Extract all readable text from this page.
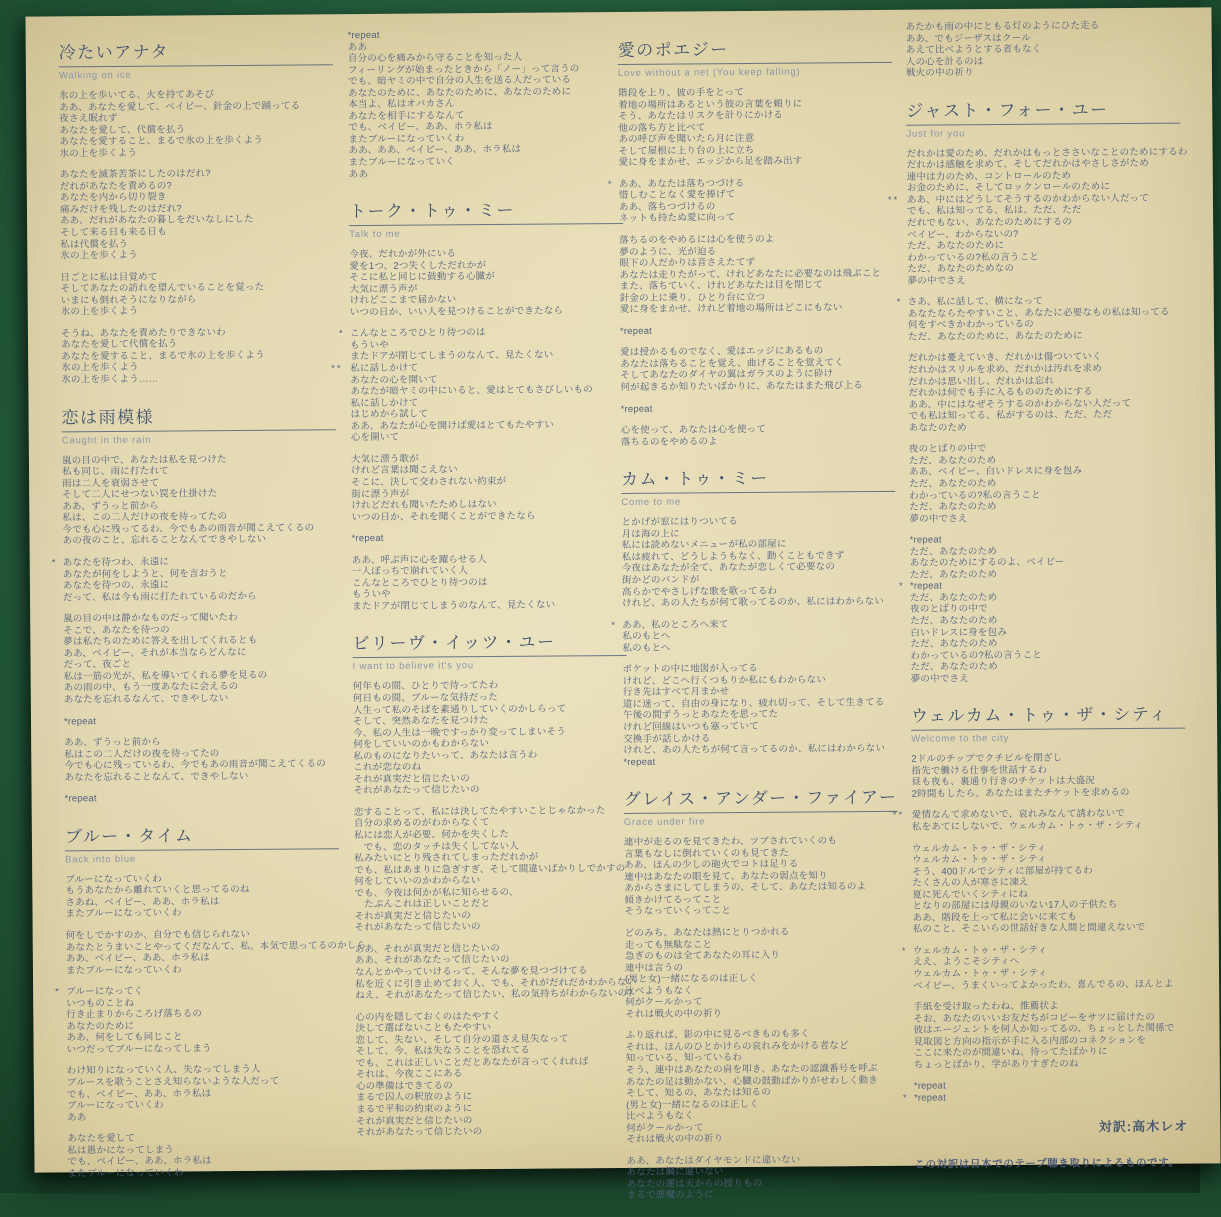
冷たいアナタ
Walking on ice
氷の上を歩いてる、火を持てあそび
ああ、あなたを愛して、ベイビー、針金の上で踊ってる
夜さえ眠れず
あなたを愛して、代償を払う
あなたを愛すること、まるで氷の上を歩くよう
氷の上を歩くよう
あなたを滅茶苦茶にしたのはだれ?
だれがあなたを責めるの?
あなたを内から切り裂き
痛みだけを残したのはだれ?
ああ、だれがあなたの暮しをだいなしにした
そして来る日も来る日も
私は代償を払う
氷の上を歩くよう
日ごとに私は目覚めて
そしてあなたの訪れを望んでいることを覚った
いまにも倒れそうになりながら
氷の上を歩くよう
そうね、あなたを責めたりできないわ
あなたを愛して代償を払う
あなたを愛すること、まるで氷の上を歩くよう
氷の上を歩くよう
氷の上を歩くよう……
恋は雨模様
Caught in the rain
嵐の目の中で、あなたは私を見つけた
私も同じ、雨に打たれて
雨は二人を衰弱させて
そして二人にせつない罠を仕掛けた
ああ、ずうっと前から
私は、この二人だけの夜を待ってたの
今でも心に残ってるわ、今でもあの雨音が聞こえてくるの
あの夜のこと、忘れることなんてできやしない
* あなたを待つわ、永遠に
あなたが何をしようと、何を言おうと
あなたを待つの、永遠に
だって、私は今も雨に打たれているのだから
嵐の目の中は静かなものだって聞いたわ
そこで、あなたを待つの
夢は私たちのために答えを出してくれるとも
ああ、ベイビー、それが本当ならどんなに
だって、夜ごと
私は一筋の光が、私を導いてくれる夢を見るの
あの雨の中、もう一度あなたに会えるの
あなたを忘れるなんて、できやしない
*repeat
ああ、ずうっと前から
私はこの二人だけの夜を待ってたの
今でも心に残っているわ、今でもあの雨音が聞こえてくるの
あなたを忘れることなんて、できやしない
*repeat
ブルー・タイム
Back into blue
ブルーになっていくわ
もうあなたから離れていくと思ってるのね
さあね、ベイビー、ああ、ホラ私は
またブルーになっていくわ
何をしでかすのか、自分でも信じられない
あなたとうまいことやってくだなんて、私、本気で思ってるのかしら
ああ、ベイビー、ああ、ホラ私は
またブルーになっていくわ
* ブルーになってく
いつものことね
行き止まりからころげ落ちるの
あなたのために
ああ、何をしても同じこと
いつだってブルーになってしまう
わけ知りになっていく人、失なってしまう人
ブルースを歌うことさえ知らないような人だって
でも、ベイビー、ああ、ホラ私は
ブルーになっていくわ
ああ
あなたを愛して
私は愚かになってしまう
でも、ベイビー、ああ、ホラ私は
またブルーになっていくわ
*repeat
ああ
自分の心を痛みから守ることを知った人
フィーリングが始まったときから「ノー」って言うの
でも、暗ヤミの中で自分の人生を送る人だっている
あなたのために、あなたのために、あなたのために
本当よ、私はオバカさん
あなたを相手にするなんて
でも、ベイビー、ああ、ホラ私は
またブルーになっていくわ
ああ、ああ、ベイビー、ああ、ホラ私は
またブルーになっていく
ああ
トーク・トゥ・ミー
Talk to me
今夜、だれかが外にいる
愛を1つ、2つ失くしただれかが
そこに私と同じに鼓動する心臓が
大気に漂う声が
けれどここまで届かない
いつの日か、いい人を見つけることができたなら
* こんなところでひとり待つのは
もういや
またドアが閉じてしまうのなんて、見たくない
** 私に話しかけて
あなたの心を開いて
あなたが暗ヤミの中にいると、愛はとてもさびしいもの
私に話しかけて
はじめから試して
ああ、あなたが心を開けば愛はとてもたやすい
心を開いて
大気に漂う歌が
けれど言葉は聞こえない
そこに、決して交わされない約束が
街に漂う声が
けれどだれも聞いたためしはない
いつの日か、それを聞くことができたなら
*repeat
ああ、呼ぶ声に心を躍らせる人
一人ぼっちで崩れていく人
こんなところでひとり待つのは
もういや
またドアが閉じてしまうのなんて、見たくない
ビリーヴ・イッツ・ユー
I want to believe it's you
何年もの間、ひとりで待ってたわ
何日もの間、ブルーな気持だった
人生って私のそばを素通りしていくのかしらって
そして、突然あなたを見つけた
今、私の人生は一晩ですっかり変ってしまいそう
何をしていいのかもわからない
私のものになりたいって、あなたは言うわ
これが恋なのね
それが真実だと信じたいの
それがあなたって信じたいの
恋することって、私には決してたやすいことじゃなかった
自分の求めるのがわからなくて
私には恋人が必要、何かを失くした
　でも、恋のタッチは失くしてない人
私みたいにとり残されてしまっただれかが
でも、私はあまりに急ぎすぎ、そして間違いばかりしでかすの
何をしていいのかわからない
でも、今夜は何かが私に知らせるの、
　たぶんこれは正しいことだと
それが真実だと信じたいの
それがあなたって信じたいの
ああ、それが真実だと信じたいの
ああ、それがあなたって信じたいの
なんとかやっていけるって、そんな夢を見つづけてる
私を近くに引き止めておく人、でも、それがだれだかわからない
ねえ、それがあなたって信じたい、私の気持ちがわからないの?
心の内を隠しておくのはたやすく
決して選ばないこともたやすい
恋して、失ない、そして自分の道さえ見失なって
そして、今、私は失なうことを恐れてる
でも、これは正しいことだとあなたが言ってくれれば
それは、今夜ここにある
心の準備はできてるの
まるで囚人の釈放のように
まるで平和の約束のように
それが真実だと信じたいの
それがあなたって信じたいの
愛のポエジー
Love without a net (You keep falling)
階段を上り、彼の手をとって
着地の場所はあるという彼の言葉を頼りに
そう、あなたはリスクを計りにかける
他の落ち方と比べて
あの呼び声を聞いたら月に注意
そして屋根に上り台の上に立ち
愛に身をまかせ、エッジから足を踏み出す
* ああ、あなたは落ちつづける
惜しむことなく愛を捧げて
ああ、落ちつづけるの
ネットも持たぬ愛に向って
落ちるのをやめるには心を使うのよ
夢のように、光が迫る
眼下の人だかりは音さえたてず
あなたは走りたがって、けれどあなたに必要なのは飛ぶこと
また、落ちていく、けれどあなたは目を閉じて
針金の上に乗り、ひとり台に立つ
愛に身をまかせ、けれど着地の場所はどこにもない
*repeat
愛は授かるものでなく、愛はエッジにあるもの
あなたは落ちることを覚え、曲げることを覚えてく
そしてあなたのダイヤの翼はガラスのように砕け
何が起きるか知りたいばかりに、あなたはまた飛び上る
*repeat
心を使って、あなたは心を使って
落ちるのをやめるのよ
カム・トゥ・ミー
Come to me
とかげが窓にはりついてる
月は海の上に
私には読めないメニューが私の部屋に
私は疲れて、どうしようもなく、動くこともできず
今夜はあなたが全て、あなたが恋しくて必要なの
街かどのバンドが
高らかでやさしげな歌を歌ってるわ
けれど、あの人たちが何て歌ってるのか、私にはわからない
* ああ、私のところへ来て
私のもとへ
私のもとへ
ポケットの中に地図が入ってる
けれど、どこへ行くつもりか私にもわからない
行き先はすべて月まかせ
道に迷って、自由の身になり、疲れ切って、そして生きてる
午後の間ずうっとあなたを思ってた
けれど回線はいつも塞っていて
交換手が話しかける
けれど、あの人たちが何て言ってるのか、私にはわからない
*repeat
グレイス・アンダー・ファイアー
Grace under fire
連中が走るのを見てきたわ、ツブされていくのも
言葉もなしに倒れていくのも見てきた
ああ、ほんの少しの砲火でコトは足りる
連中はあなたの眼を見て、あなたの弱点を知り
あからさまにしてしまうの、そして、あなたは知るのよ
傾きかけてるってこと
そうなっていくってこと
どのみち、あなたは熱にとりつかれる
走っても無駄なこと
急ぎのものは全てあなたの耳に入り
連中は言うの
(男と女)一緒になるのは正しく
比べようもなく
何がクールかって
それは戦火の中の祈り
ふり返れば、影の中に見るべきものも多く
それは、ほんのひとかけらの哀れみをかける者など
知っている、知っているわ
そう、連中はあなたの肩を叩き、あなたの認識番号を呼ぶ
あなたの足は動かない、心臓の鼓動ばかりがせわしく動き
そして、知るの、あなたは知るの
(男と女)一緒になるのは正しく
比べようもなく
何がクールかって
それは戦火の中の祈り
ああ、あなたはダイヤモンドに違いない
あなたは鋼に違いない
あなたの運は天からの授りもの
まるで悪魔のように
あたかも雨の中にともる灯のようにひた走る
ああ、でもジーザスはクール
あえて比べようとする者もなく
人の心を計るのは
戦火の中の祈り
ジャスト・フォー・ユー
Just for you
だれかは愛のため、だれかはもっとささいなことのためにするわ
だれかは感触を求めて、そしてだれかはやさしさがため
連中は力のため、コントロールのため
お金のために、そしてロックンロールのために
** ああ、中にはどうしてそうするのかわからない人だって
でも、私は知ってる、私は、ただ、ただ
だれでもない、あなたのためにするの
ベイビー、わからないの?
ただ、あなたのために
わかっているの?私の言うこと
ただ、あなたのためなの
夢の中でさえ
* さあ、私に話して、横になって
あなたならたやすいこと、あなたに必要なもの私は知ってる
何をすべきかわかっているの
ただ、あなたのために、あなたのために
だれかは憂えていき、だれかは傷ついていく
だれかはスリルを求め、だれかは汚れを求め
だれかは思い出し、だれかは忘れ
だれかは何でも手に入るもののためにする
ああ、中にはなぜそうするのかわからない人だって
でも私は知ってる、私がするのは、ただ、ただ
あなたのため
夜のとばりの中で
ただ、あなたのため
ああ、ベイビー、白いドレスに身を包み
ただ、あなたのため
わかっているの?私の言うこと
ただ、あなたのため
夢の中でさえ
*repeat
ただ、あなたのため
あなたのためにするのよ、ベイビー
ただ、あなたのため
* *repeat
ただ、あなたのため
夜のとばりの中で
ただ、あなたのため
白いドレスに身を包み
ただ、あなたのため
わかっているの?私の言うこと
ただ、あなたのため
夢の中でさえ
ウェルカム・トゥ・ザ・シティ
Welcome to the city
2ドルのチップでクチビルを閉ざし
指先で働ける仕事を世話するわ
昼も夜も、裏通り行きのチケットは大盛況
2時間もしたら、あなたはまたチケットを求めるの
** 愛情なんて求めないで、哀れみなんて誘わないで
私をあてにしないで、ウェルカム・トゥ・ザ・シティ
ウェルカム・トゥ・ザ・シティ
ウェルカム・トゥ・ザ・シティ
そう、400ドルでシティに部屋が持てるわ
たくさんの人が寒さに凍え
夏に死んでいくシティにね
となりの部屋には母親のいない17人の子供たち
ああ、階段を上って私に会いに来ても
私のこと、そこいらの世話好きな人間と間違えないで
* ウェルカム・トゥ・ザ・シティ
ええ、ようこそシティへ
ウェルカム・トゥ・ザ・シティ
ベイビー、うまくいってよかったわ、喜んでるの、ほんとよ
手紙を受け取ったわね、推薦状よ
そお、あなたのいいお友だちがコピーをサツに届けたの
彼はエージェントを何人か知ってるの、ちょっとした関係で
見取図と方向の指示が手に入る内部のコネクションを
ここに来たのが間違いね、待ってたばかりに
ちょっとばかり、学がありすぎたのね
*repeat
* *repeat
対訳:高木レオ
この対訳は日本でのテープ聴き取りによるものです。
